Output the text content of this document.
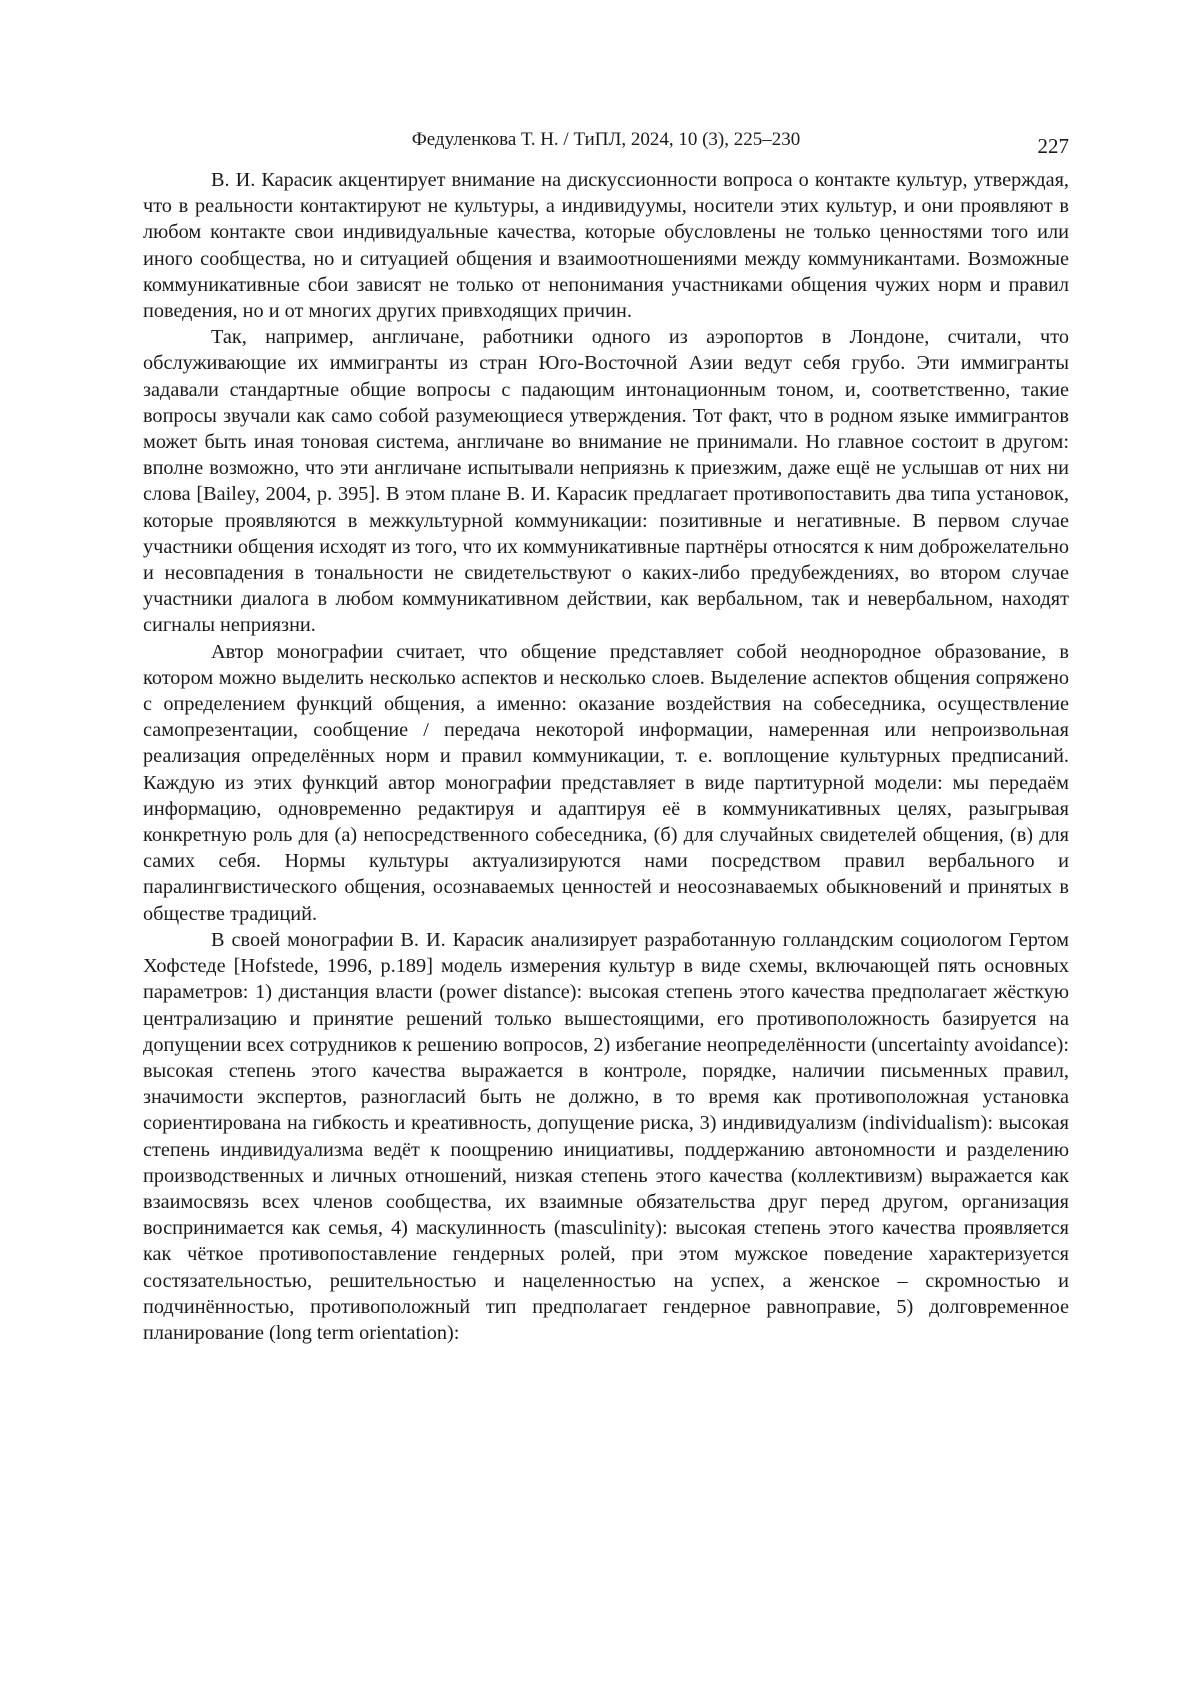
Федуленкова Т. Н. / ТиПЛ, 2024, 10 (3), 225–230	227

В. И. Карасик акцентирует внимание на дискуссионности вопроса о контакте культур, утверждая, что в реальности контактируют не культуры, а индивидуумы, носители этих культур, и они проявляют в любом контакте свои индивидуальные качества, которые обусловлены не только ценностями того или иного сообщества, но и ситуацией общения и взаимоотношениями между коммуникантами. Возможные коммуникативные сбои зависят не только от непонимания участниками общения чужих норм и правил поведения, но и от многих других привходящих причин.

Так, например, англичане, работники одного из аэропортов в Лондоне, считали, что обслуживающие их иммигранты из стран Юго-Восточной Азии ведут себя грубо. Эти иммигранты задавали стандартные общие вопросы с падающим интонационным тоном, и, соответственно, такие вопросы звучали как само собой разумеющиеся утверждения. Тот факт, что в родном языке иммигрантов может быть иная тоновая система, англичане во внимание не принимали. Но главное состоит в другом: вполне возможно, что эти англичане испытывали неприязнь к приезжим, даже ещё не услышав от них ни слова [Bailey, 2004, p. 395]. В этом плане В. И. Карасик предлагает противопоставить два типа установок, которые проявляются в межкультурной коммуникации: позитивные и негативные. В первом случае участники общения исходят из того, что их коммуникативные партнёры относятся к ним доброжелательно и несовпадения в тональности не свидетельствуют о каких-либо предубеждениях, во втором случае участники диалога в любом коммуникативном действии, как вербальном, так и невербальном, находят сигналы неприязни.

Автор монографии считает, что общение представляет собой неоднородное образование, в котором можно выделить несколько аспектов и несколько слоев. Выделение аспектов общения сопряжено с определением функций общения, а именно: оказание воздействия на собеседника, осуществление самопрезентации, сообщение / передача некоторой информации, намеренная или непроизвольная реализация определённых норм и правил коммуникации, т. е. воплощение культурных предписаний. Каждую из этих функций автор монографии представляет в виде партитурной модели: мы передаём информацию, одновременно редактируя и адаптируя её в коммуникативных целях, разыгрывая конкретную роль для (а) непосредственного собеседника, (б) для случайных свидетелей общения, (в) для самих себя. Нормы культуры актуализируются нами посредством правил вербального и паралингвистического общения, осознаваемых ценностей и неосознаваемых обыкновений и принятых в обществе традиций.

В своей монографии В. И. Карасик анализирует разработанную голландским социологом Гертом Хофстеде [Hofstede, 1996, p.189] модель измерения культур в виде схемы, включающей пять основных параметров: 1) дистанция власти (power distance): высокая степень этого качества предполагает жёсткую централизацию и принятие решений только вышестоящими, его противоположность базируется на допущении всех сотрудников к решению вопросов, 2) избегание неопределённости (uncertainty avoidance): высокая степень этого качества выражается в контроле, порядке, наличии письменных правил, значимости экспертов, разногласий быть не должно, в то время как противоположная установка сориентирована на гибкость и креативность, допущение риска, 3) индивидуализм (individualism): высокая степень индивидуализма ведёт к поощрению инициативы, поддержанию автономности и разделению производственных и личных отношений, низкая степень этого качества (коллективизм) выражается как взаимосвязь всех членов сообщества, их взаимные обязательства друг перед другом, организация воспринимается как семья, 4) маскулинность (masculinity): высокая степень этого качества проявляется как чёткое противопоставление гендерных ролей, при этом мужское поведение характеризуется состязательностью, решительностью и нацеленностью на успех, а женское – скромностью и подчинённостью, противоположный тип предполагает гендерное равноправие, 5) долговременное планирование (long term orientation):
